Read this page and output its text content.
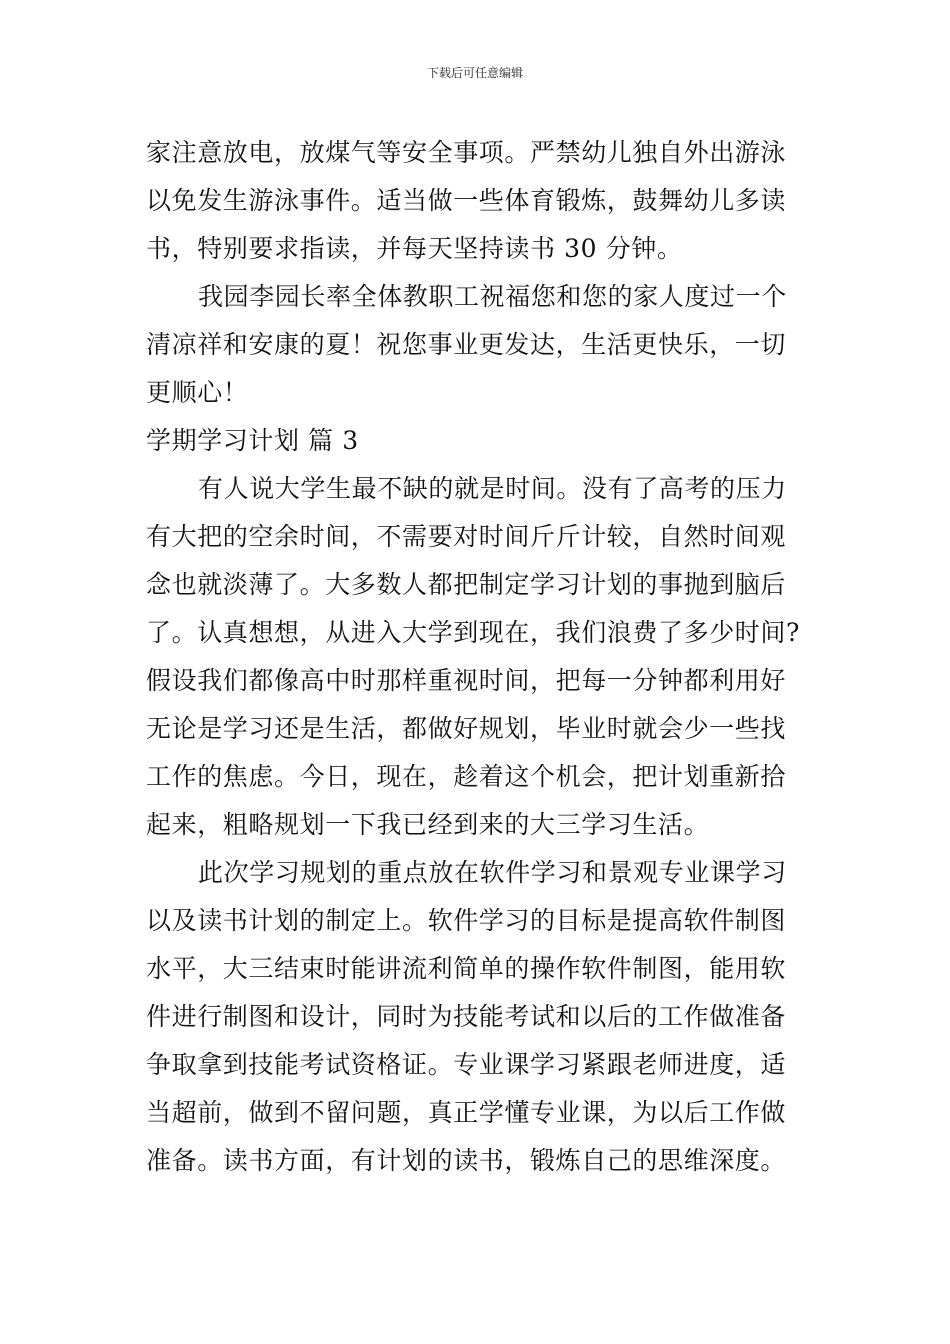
下载后可任意编辑
家注意放电，放煤气等安全事项。严禁幼儿独自外出游泳
以免发生游泳事件。适当做一些体育锻炼，鼓舞幼儿多读
书，特别要求指读，并每天坚持读书 30 分钟。
我园李园长率全体教职工祝福您和您的家人度过一个
清凉祥和安康的夏！祝您事业更发达，生活更快乐，一切
更顺心！
学期学习计划 篇 3
有人说大学生最不缺的就是时间。没有了高考的压力
有大把的空余时间，不需要对时间斤斤计较，自然时间观
念也就淡薄了。大多数人都把制定学习计划的事抛到脑后
了。认真想想，从进入大学到现在，我们浪费了多少时间?
假设我们都像高中时那样重视时间，把每一分钟都利用好
无论是学习还是生活，都做好规划，毕业时就会少一些找
工作的焦虑。今日，现在，趁着这个机会，把计划重新拾
起来，粗略规划一下我已经到来的大三学习生活。
此次学习规划的重点放在软件学习和景观专业课学习
以及读书计划的制定上。软件学习的目标是提高软件制图
水平，大三结束时能讲流利简单的操作软件制图，能用软
件进行制图和设计，同时为技能考试和以后的工作做准备
争取拿到技能考试资格证。专业课学习紧跟老师进度，适
当超前，做到不留问题，真正学懂专业课，为以后工作做
准备。读书方面，有计划的读书，锻炼自己的思维深度。
